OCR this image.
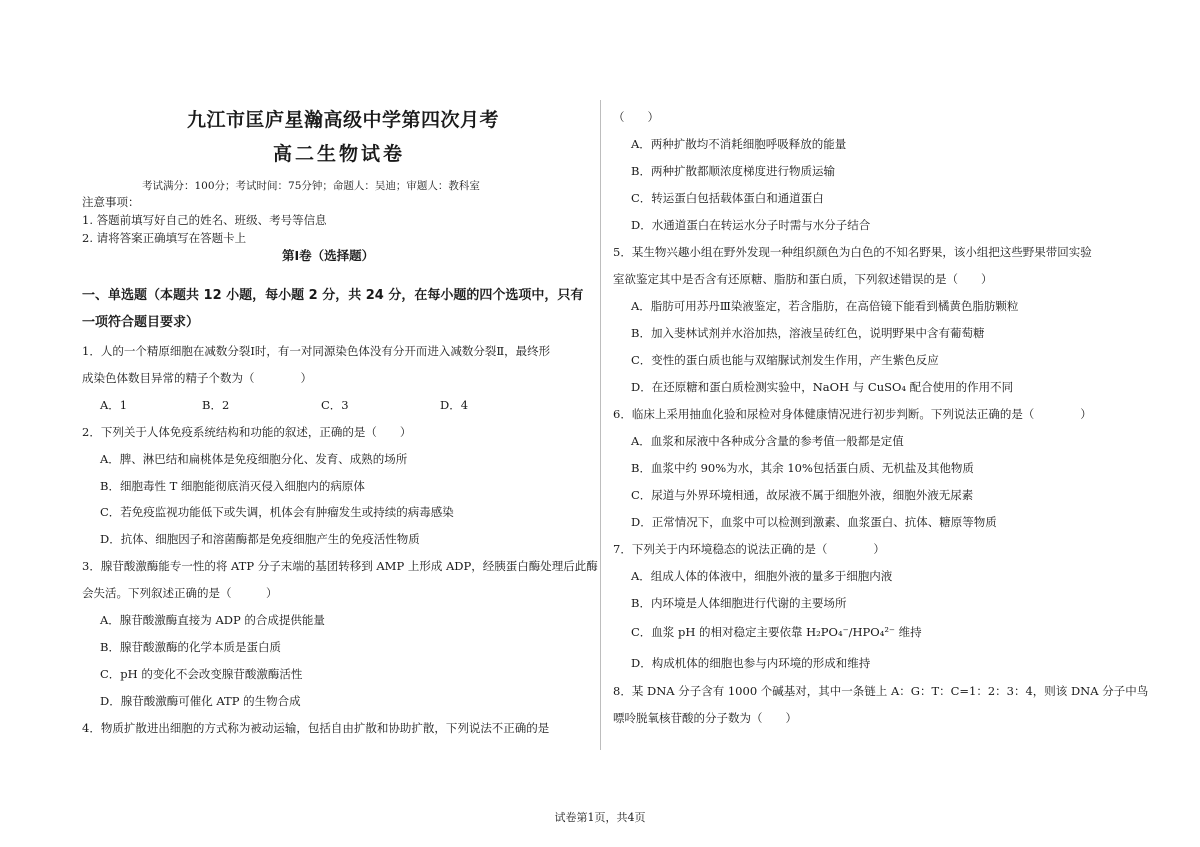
九江市匡庐星瀚高级中学第四次月考
高二生物试卷
考试满分：100分；考试时间：75分钟；命题人：吴迪；审题人：教科室
注意事项：
1. 答题前填写好自己的姓名、班级、考号等信息
2. 请将答案正确填写在答题卡上
第Ⅰ卷（选择题）
一、单选题（本题共 12 小题，每小题 2 分，共 24 分，在每小题的四个选项中，只有
一项符合题目要求）
1．人的一个精原细胞在减数分裂Ⅰ时，有一对同源染色体没有分开而进入减数分裂Ⅱ，最终形
成染色体数目异常的精子个数为（　　　　）
A．1	B．2	C．3	D．4
2．下列关于人体免疫系统结构和功能的叙述，正确的是（　　）
A．脾、淋巴结和扁桃体是免疫细胞分化、发育、成熟的场所
B．细胞毒性 T 细胞能彻底消灭侵入细胞内的病原体
C．若免疫监视功能低下或失调，机体会有肿瘤发生或持续的病毒感染
D．抗体、细胞因子和溶菌酶都是免疫细胞产生的免疫活性物质
3．腺苷酸激酶能专一性的将 ATP 分子末端的基团转移到 AMP 上形成 ADP，经胰蛋白酶处理后此酶
会失活。下列叙述正确的是（　　　）
A．腺苷酸激酶直接为 ADP 的合成提供能量
B．腺苷酸激酶的化学本质是蛋白质
C．pH 的变化不会改变腺苷酸激酶活性
D．腺苷酸激酶可催化 ATP 的生物合成
4．物质扩散进出细胞的方式称为被动运输，包括自由扩散和协助扩散，下列说法不正确的是
（　　）
A．两种扩散均不消耗细胞呼吸释放的能量
B．两种扩散都顺浓度梯度进行物质运输
C．转运蛋白包括载体蛋白和通道蛋白
D．水通道蛋白在转运水分子时需与水分子结合
5．某生物兴趣小组在野外发现一种组织颜色为白色的不知名野果，该小组把这些野果带回实验
室欲鉴定其中是否含有还原糖、脂肪和蛋白质，下列叙述错误的是（　　）
A．脂肪可用苏丹Ⅲ染液鉴定，若含脂肪，在高倍镜下能看到橘黄色脂肪颗粒
B．加入斐林试剂并水浴加热，溶液呈砖红色，说明野果中含有葡萄糖
C．变性的蛋白质也能与双缩脲试剂发生作用，产生紫色反应
D．在还原糖和蛋白质检测实验中，NaOH 与 CuSO₄ 配合使用的作用不同
6．临床上采用抽血化验和尿检对身体健康情况进行初步判断。下列说法正确的是（　　　　）
A．血浆和尿液中各种成分含量的参考值一般都是定值
B．血浆中约 90%为水，其余 10%包括蛋白质、无机盐及其他物质
C．尿道与外界环境相通，故尿液不属于细胞外液，细胞外液无尿素
D．正常情况下，血浆中可以检测到激素、血浆蛋白、抗体、糖原等物质
7．下列关于内环境稳态的说法正确的是（　　　　）
A．组成人体的体液中，细胞外液的量多于细胞内液
B．内环境是人体细胞进行代谢的主要场所
C．血浆 pH 的相对稳定主要依靠 H₂PO₄⁻/HPO₄²⁻ 维持
D．构成机体的细胞也参与内环境的形成和维持
8．某 DNA 分子含有 1000 个碱基对，其中一条链上 A：G：T：C=1：2：3：4，则该 DNA 分子中鸟
嘌呤脱氧核苷酸的分子数为（　　）
试卷第1页，共4页
